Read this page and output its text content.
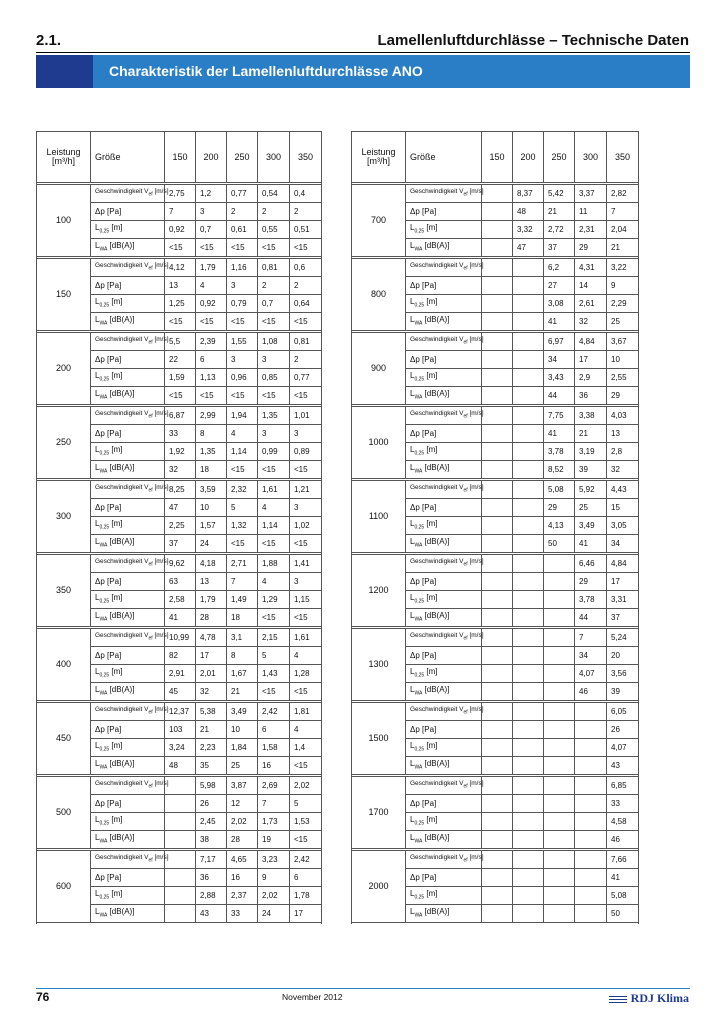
2.1.	Lamellenluftdurchlässe – Technische Daten
Charakteristik der Lamellenluftdurchlässe ANO
Leistung [m³/h]	Größe	150	200	250	300	350

100	Geschwindigkeit $V_{ef}$ [m/s]	2,75	1,2	0,77	0,54	0,4
	Δp [Pa]	7	3	2	2	2
	$L_{0,25}$ [m]	0,92	0,7	0,61	0,55	0,51
	$L_{WA}$ [dB(A)]	<15	<15	<15	<15	<15

150	Geschwindigkeit $V_{ef}$ [m/s]	4,12	1,79	1,16	0,81	0,6
	Δp [Pa]	13	4	3	2	2
	$L_{0,25}$ [m]	1,25	0,92	0,79	0,7	0,64
	$L_{WA}$ [dB(A)]	<15	<15	<15	<15	<15

200	Geschwindigkeit $V_{ef}$ [m/s]	5,5	2,39	1,55	1,08	0,81
	Δp [Pa]	22	6	3	3	2
	$L_{0,25}$ [m]	1,59	1,13	0,96	0,85	0,77
	$L_{WA}$ [dB(A)]	<15	<15	<15	<15	<15

250	Geschwindigkeit $V_{ef}$ [m/s]	6,87	2,99	1,94	1,35	1,01
	Δp [Pa]	33	8	4	3	3
	$L_{0,25}$ [m]	1,92	1,35	1,14	0,99	0,89
	$L_{WA}$ [dB(A)]	32	18	<15	<15	<15

300	Geschwindigkeit $V_{ef}$ [m/s]	8,25	3,59	2,32	1,61	1,21
	Δp [Pa]	47	10	5	4	3
	$L_{0,25}$ [m]	2,25	1,57	1,32	1,14	1,02
	$L_{WA}$ [dB(A)]	37	24	<15	<15	<15

350	Geschwindigkeit $V_{ef}$ [m/s]	9,62	4,18	2,71	1,88	1,41
	Δp [Pa]	63	13	7	4	3
	$L_{0,25}$ [m]	2,58	1,79	1,49	1,29	1,15
	$L_{WA}$ [dB(A)]	41	28	18	<15	<15

400	Geschwindigkeit $V_{ef}$ [m/s]	10,99	4,78	3,1	2,15	1,61
	Δp [Pa]	82	17	8	5	4
	$L_{0,25}$ [m]	2,91	2,01	1,67	1,43	1,28
	$L_{WA}$ [dB(A)]	45	32	21	<15	<15

450	Geschwindigkeit $V_{ef}$ [m/s]	12,37	5,38	3,49	2,42	1,81
	Δp [Pa]	103	21	10	6	4
	$L_{0,25}$ [m]	3,24	2,23	1,84	1,58	1,4
	$L_{WA}$ [dB(A)]	48	35	25	16	<15

500	Geschwindigkeit $V_{ef}$ [m/s]		5,98	3,87	2,69	2,02
	Δp [Pa]		26	12	7	5
	$L_{0,25}$ [m]		2,45	2,02	1,73	1,53
	$L_{WA}$ [dB(A)]		38	28	19	<15

600	Geschwindigkeit $V_{ef}$ [m/s]		7,17	4,65	3,23	2,42
	Δp [Pa]		36	16	9	6
	$L_{0,25}$ [m]		2,88	2,37	2,02	1,78
	$L_{WA}$ [dB(A)]		43	33	24	17

Leistung [m³/h]	Größe	150	200	250	300	350

700	Geschwindigkeit $V_{ef}$ [m/s]		8,37	5,42	3,37	2,82
	Δp [Pa]		48	21	11	7
	$L_{0,25}$ [m]		3,32	2,72	2,31	2,04
	$L_{WA}$ [dB(A)]		47	37	29	21

800	Geschwindigkeit $V_{ef}$ [m/s]			6,2	4,31	3,22
	Δp [Pa]			27	14	9
	$L_{0,25}$ [m]			3,08	2,61	2,29
	$L_{WA}$ [dB(A)]			41	32	25

900	Geschwindigkeit $V_{ef}$ [m/s]			6,97	4,84	3,67
	Δp [Pa]			34	17	10
	$L_{0,25}$ [m]			3,43	2,9	2,55
	$L_{WA}$ [dB(A)]			44	36	29

1000	Geschwindigkeit $V_{ef}$ [m/s]			7,75	3,38	4,03
	Δp [Pa]			41	21	13
	$L_{0,25}$ [m]			3,78	3,19	2,8
	$L_{WA}$ [dB(A)]			8,52	39	32

1100	Geschwindigkeit $V_{ef}$ [m/s]			5,08	5,92	4,43
	Δp [Pa]			29	25	15
	$L_{0,25}$ [m]			4,13	3,49	3,05
	$L_{WA}$ [dB(A)]			50	41	34

1200	Geschwindigkeit $V_{ef}$ [m/s]				6,46	4,84
	Δp [Pa]				29	17
	$L_{0,25}$ [m]				3,78	3,31
	$L_{WA}$ [dB(A)]				44	37

1300	Geschwindigkeit $V_{ef}$ [m/s]				7	5,24
	Δp [Pa]				34	20
	$L_{0,25}$ [m]				4,07	3,56
	$L_{WA}$ [dB(A)]				46	39

1500	Geschwindigkeit $V_{ef}$ [m/s]					6,05
	Δp [Pa]					26
	$L_{0,25}$ [m]					4,07
	$L_{WA}$ [dB(A)]					43

1700	Geschwindigkeit $V_{ef}$ [m/s]					6,85
	Δp [Pa]					33
	$L_{0,25}$ [m]					4,58
	$L_{WA}$ [dB(A)]					46

2000	Geschwindigkeit $V_{ef}$ [m/s]					7,66
	Δp [Pa]					41
	$L_{0,25}$ [m]					5,08
	$L_{WA}$ [dB(A)]					50

76	November 2012	RDJ Klima
